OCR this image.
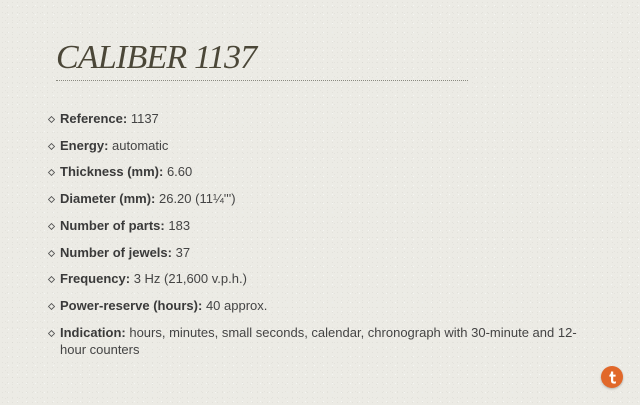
CALIBER 1137
Reference: 1137
Energy: automatic
Thickness (mm): 6.60
Diameter (mm): 26.20 (11¼''')
Number of parts: 183
Number of jewels: 37
Frequency: 3 Hz (21,600 v.p.h.)
Power-reserve (hours): 40 approx.
Indication: hours, minutes, small seconds, calendar, chronograph with 30-minute and 12-hour counters
